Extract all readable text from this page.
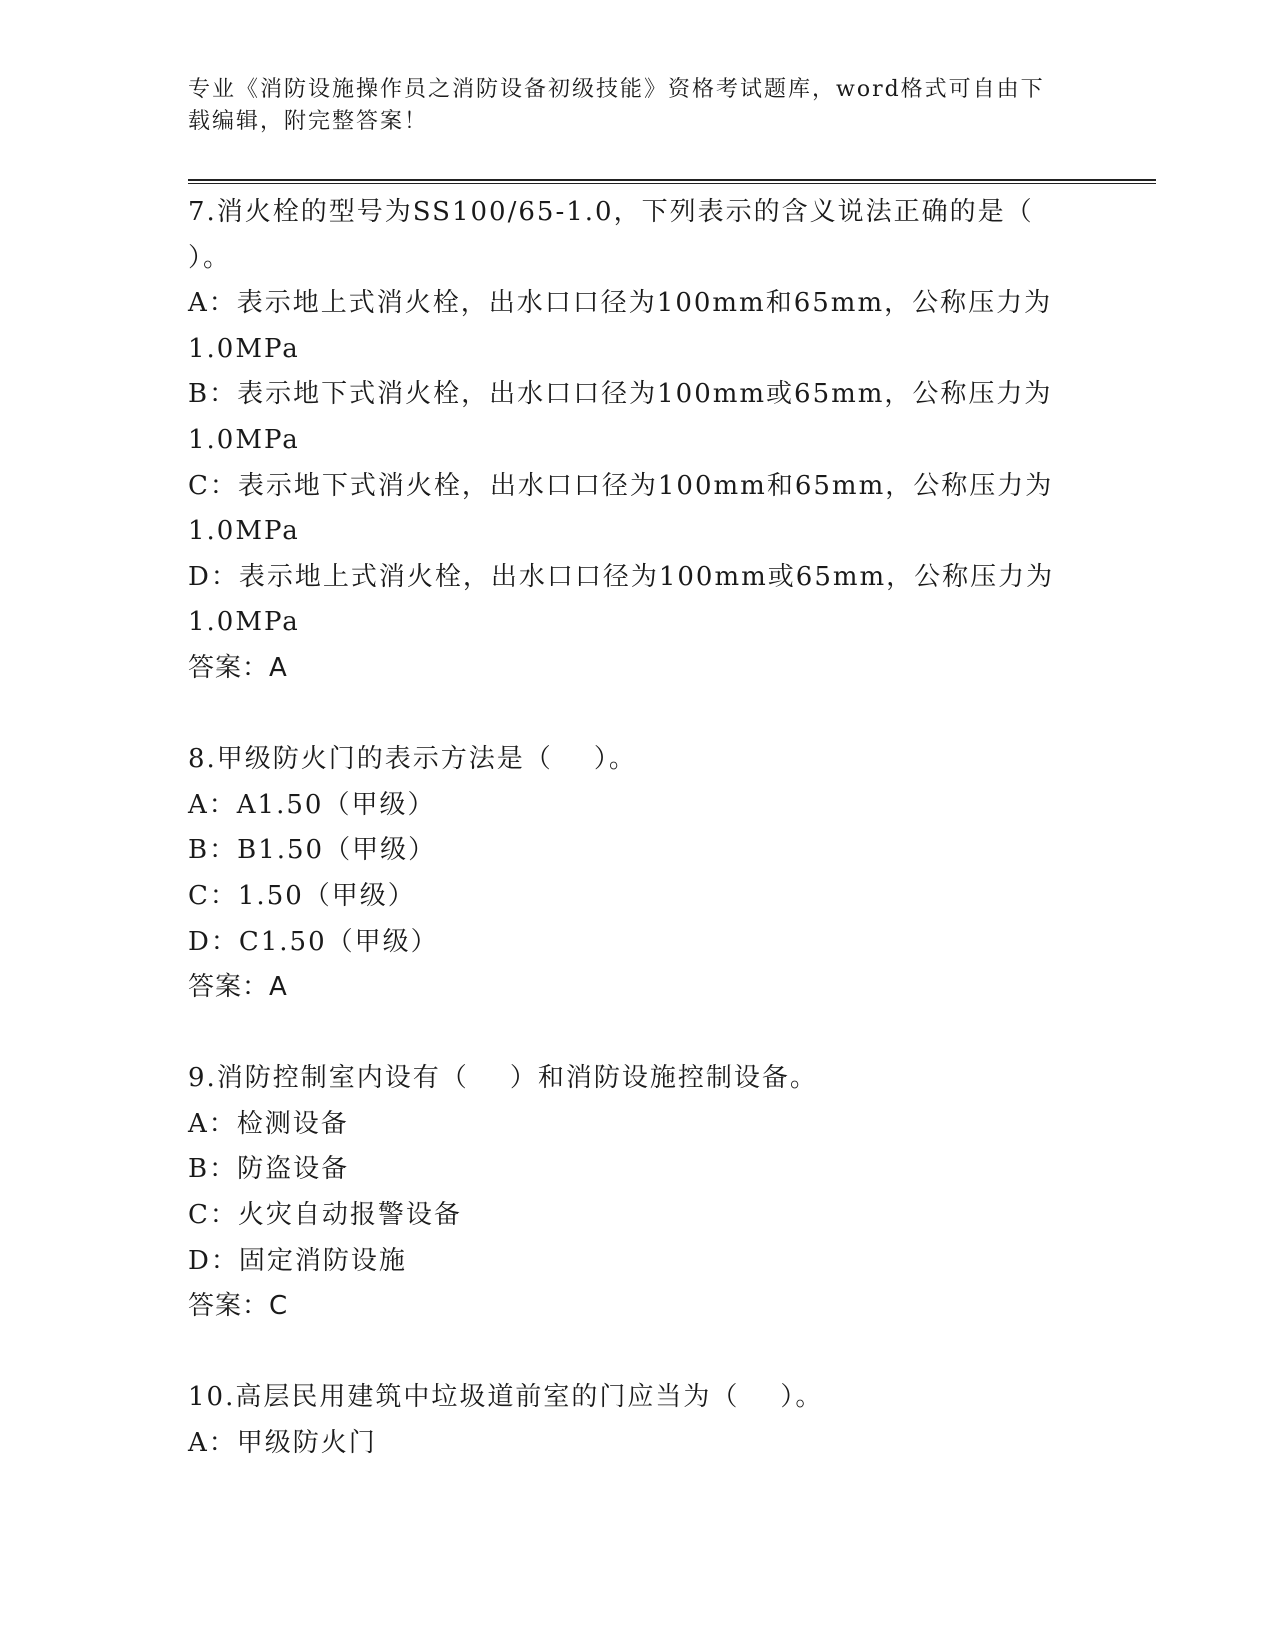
专业《消防设施操作员之消防设备初级技能》资格考试题库，word格式可自由下
载编辑，附完整答案！
7.消火栓的型号为SS100/65-1.0，下列表示的含义说法正确的是（
）。
A：表示地上式消火栓，出水口口径为100mm和65mm，公称压力为
1.0MPa
B：表示地下式消火栓，出水口口径为100mm或65mm，公称压力为
1.0MPa
C：表示地下式消火栓，出水口口径为100mm和65mm，公称压力为
1.0MPa
D：表示地上式消火栓，出水口口径为100mm或65mm，公称压力为
1.0MPa
答案：A
8.甲级防火门的表示方法是（    ）。
A：A1.50（甲级）
B：B1.50（甲级）
C：1.50（甲级）
D：C1.50（甲级）
答案：A
9.消防控制室内设有（    ）和消防设施控制设备。
A：检测设备
B：防盗设备
C：火灾自动报警设备
D：固定消防设施
答案：C
10.高层民用建筑中垃圾道前室的门应当为（    ）。
A：甲级防火门
